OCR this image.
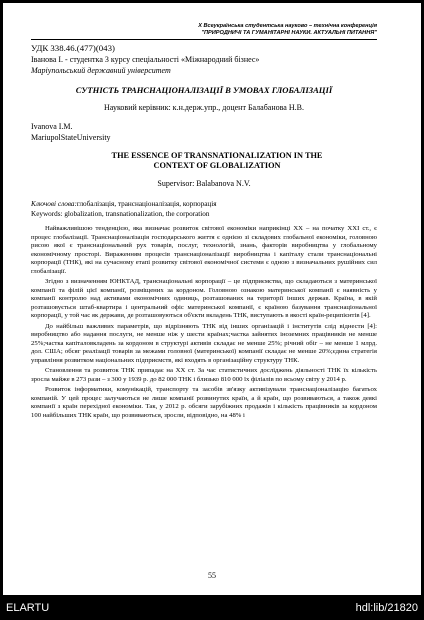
Х Всеукраїнська студентська науково – технічна конференція
"ПРИРОДНИЧІ ТА ГУМАНІТАРНІ НАУКИ. АКТУАЛЬНІ ПИТАННЯ"
УДК 338.46.(477)(043)
Іванова І. - студентка 3 курсу спеціальності «Міжнародний бізнес»
Маріупольський державний університет
СУТНІСТЬ ТРАНСНАЦІОНАЛІЗАЦІЇ В УМОВАХ ГЛОБАЛІЗАЦІЇ
Науковий керівник: к.н.держ.упр., доцент Балабанова Н.В.
Ivanova I.M.
MariupolStateUniversity
THE ESSENCE OF TRANSNATIONALIZATION IN THE CONTEXT OF GLOBALIZATION
Supervisor: Balabanova N.V.
Ключові слова:глобалізація, транснаціоналізація, корпорація
Keywords: globalization, transnationalization, the corporation

Найважливішою тенденцією, яка визначає розвиток світової економіки наприкінці ХХ – на початку ХХІ ст., є процес глобалізації. Транснаціоналізація господарського життя є однією зі складових глобальної економіки, головною рисою якої є транснаціональний рух товарів, послуг, технологій, знань, факторів виробництва у глобальному економічному просторі. Вираженням процесів транснаціоналізації виробництва і капіталу стали транснаціональні корпорації (ТНК), які на сучасному етапі розвитку світової економічної системи є одною з визначальних рушійних сил глобалізації.

Згідно з визначенням ЮНКТАД, транснаціональні корпорації – це підприємства, що складаються з материнської компанії та філій цієї компанії, розміщених за кордоном. Головною ознакою материнської компанії є наявність у компанії контролю над активами економічних одиниць, розташованих на території інших держав. Країна, в якій розташовується штаб-квартира і центральний офіс материнської компанії, є країною базування транснаціональної корпорації, у той час як держави, де розташовуються об'єкти вкладень ТНК, виступають в якості країн-реципієнтів [4].

До найбільш важливих параметрів, що відрізняють ТНК від інших організацій і інститутів слід віднести [4]: виробництво або надання послуги, не менше ніж у шести країнах;частка зайнятих іноземних працівників не менше 25%;частка капіталовкладень за кордоном в структурі активів складає не менше 25%; річний обіг – не менше 1 млрд. дол. США; обсяг реалізації товарів за межами головної (материнської) компанії складає не менше 20%;єдина стратегія управління розвитком національних підприємств, які входять в організаційну структуру ТНК.

Становлення та розвиток ТНК припадає на ХХ ст. За час статистичних досліджень діяльності ТНК їх кількість зросла майже в 273 рази – з 300 у 1939 р. до 82 000 ТНК і близько 810 000 їх філіалів по всьому світу у 2014 р.

Розвиток інформатики, комунікацій, транспорту та засобів зв'язку активізували транснаціоналізацію багатьох компаній. У цей процес залучаються не лише компанії розвинутих країн, а й країн, що розвиваються, а також деякі компанії з країн перехідної економіки. Так, у 2012 р. обсяги зарубіжних продажів і кількість працівників за кордоном 100 найбільших ТНК країн, що розвиваються, зросли, відповідно, на 48% і

55
ELARTU	hdl:lib/21820
